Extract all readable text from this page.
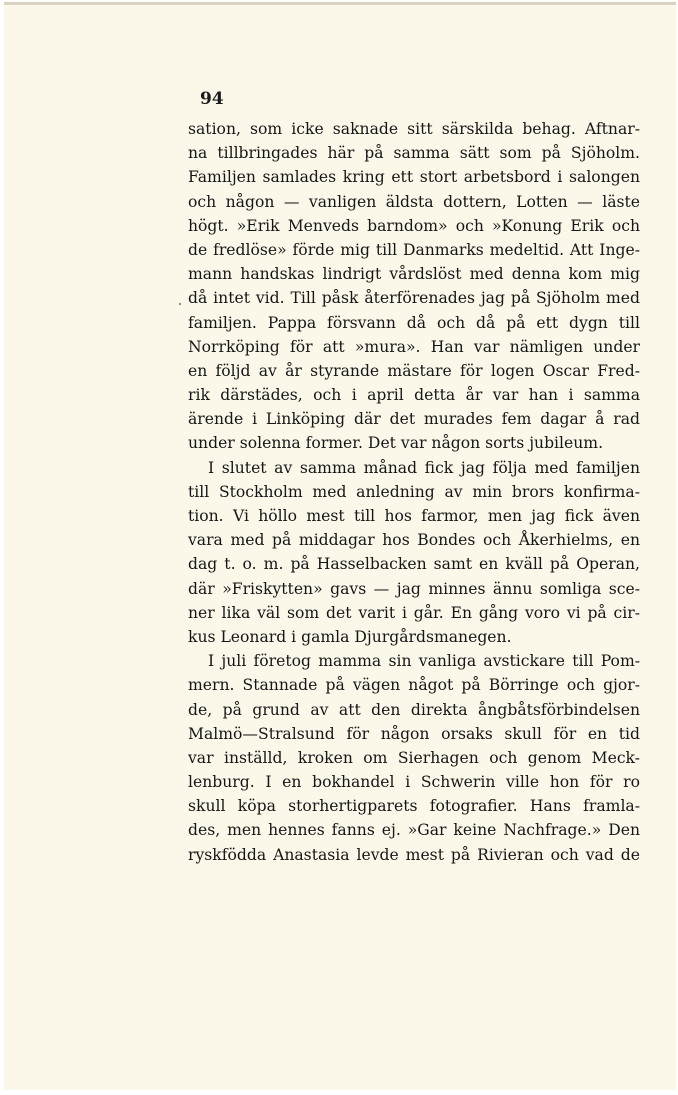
94
sation, som icke saknade sitt särskilda behag. Aftnar-
na tillbringades här på samma sätt som på Sjöholm.
Familjen samlades kring ett stort arbetsbord i salongen
och någon — vanligen äldsta dottern, Lotten — läste
högt. »Erik Menveds barndom» och »Konung Erik och
de fredlöse» förde mig till Danmarks medeltid. Att Inge-
mann handskas lindrigt vårdslöst med denna kom mig
då intet vid. Till påsk återförenades jag på Sjöholm med
familjen. Pappa försvann då och då på ett dygn till
Norrköping för att »mura». Han var nämligen under
en följd av år styrande mästare för logen Oscar Fred-
rik därstädes, och i april detta år var han i samma
ärende i Linköping där det murades fem dagar å rad
under solenna former. Det var någon sorts jubileum.
I slutet av samma månad fick jag följa med familjen
till Stockholm med anledning av min brors konfirma-
tion. Vi höllo mest till hos farmor, men jag fick även
vara med på middagar hos Bondes och Åkerhielms, en
dag t. o. m. på Hasselbacken samt en kväll på Operan,
där »Friskytten» gavs — jag minnes ännu somliga sce-
ner lika väl som det varit i går. En gång voro vi på cir-
kus Leonard i gamla Djurgårdsmanegen.
I juli företog mamma sin vanliga avstickare till Pom-
mern. Stannade på vägen något på Börringe och gjor-
de, på grund av att den direkta ångbåtsförbindelsen
Malmö—Stralsund för någon orsaks skull för en tid
var inställd, kroken om Sierhagen och genom Meck-
lenburg. I en bokhandel i Schwerin ville hon för ro
skull köpa storhertigparets fotografier. Hans framla-
des, men hennes fanns ej. »Gar keine Nachfrage.» Den
ryskfödda Anastasia levde mest på Rivieran och vad de
